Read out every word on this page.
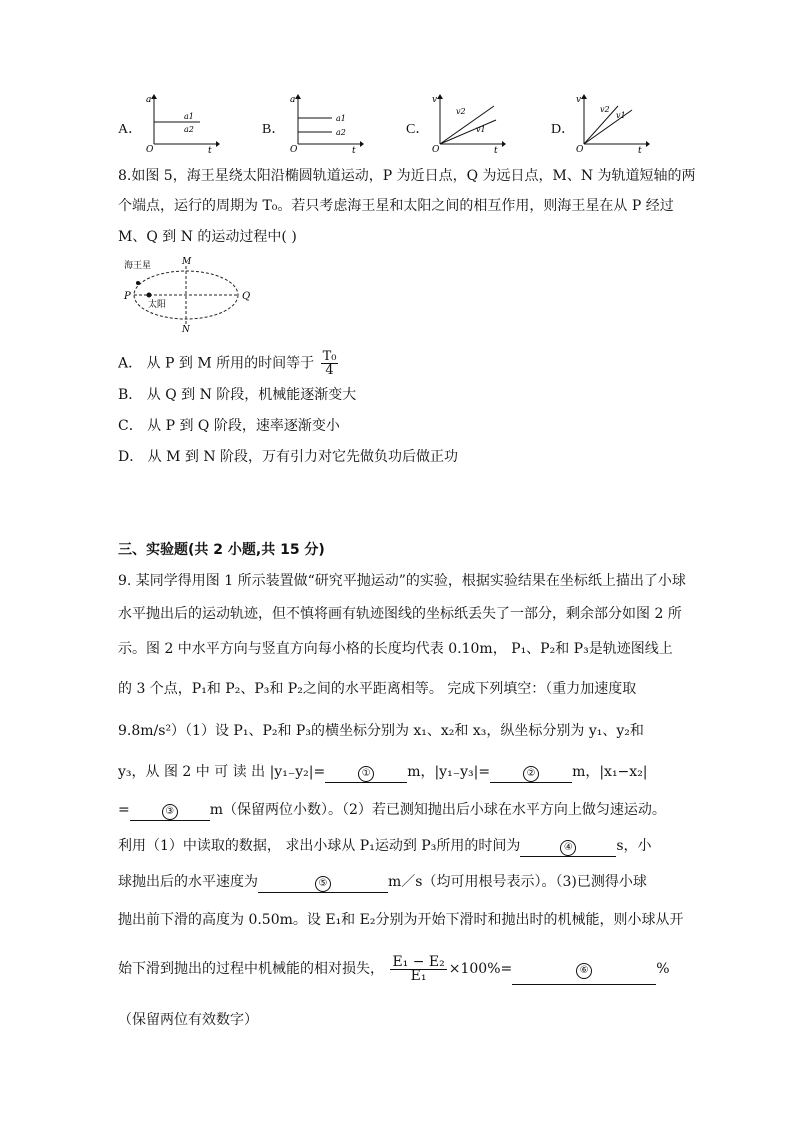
A．
a
O	t
a1
a2	B．
a
O	t
a1
a2	C．
v
O	t
v2
v1	D．
v
O	t
v2
v1
8.如图 5，海王星绕太阳沿椭圆轨道运动，P 为近日点，Q 为远日点，M、N 为轨道短轴的两
个端点，运行的周期为 T₀。若只考虑海王星和太阳之间的相互作用，则海王星在从 P 经过
M、Q 到 N 的运动过程中( )
海王星
太阳
P	Q
M
N
A． 从 P 到 M 所用的时间等于 $\frac{\text{T₀}}{4}$
B． 从 Q 到 N 阶段，机械能逐渐变大
C． 从 P 到 Q 阶段，速率逐渐变小
D． 从 M 到 N 阶段，万有引力对它先做负功后做正功
三、实验题(共 2 小题,共 15 分)
9. 某同学得用图 1 所示装置做“研究平抛运动”的实验，根据实验结果在坐标纸上描出了小球
水平抛出后的运动轨迹，但不慎将画有轨迹图线的坐标纸丢失了一部分，剩余部分如图 2 所
示。图 2 中水平方向与竖直方向每小格的长度均代表 0.10m， P₁、P₂和 P₃是轨迹图线上
的 3 个点，P₁和 P₂、P₃和 P₂之间的水平距离相等。 完成下列填空：（重力加速度取
9.8m/s²）（1）设 P₁、P₂和 P₃的横坐标分别为 x₁、x₂和 x₃，纵坐标分别为 y₁、y₂和
y₃，从 图 2 中 可 读 出 |y₁₋y₂|=	①	m，|y₁₋y₃|=	②	m，|x₁−x₂|
=	③	m（保留两位小数）。（2）若已测知抛出后小球在水平方向上做匀速运动。
利用（1）中读取的数据， 求出小球从 P₁运动到 P₃所用的时间为	④	s，小
球抛出后的水平速度为	⑤	m／s（均可用根号表示）。（3)已测得小球
抛出前下滑的高度为 0.50m。设 E₁和 E₂分别为开始下滑时和抛出时的机械能，则小球从开
始下滑到抛出的过程中机械能的相对损失， $\frac{\text{E₁ − E₂}}{\text{E₁}} \times 100\%=$	⑥	%
（保留两位有效数字）
